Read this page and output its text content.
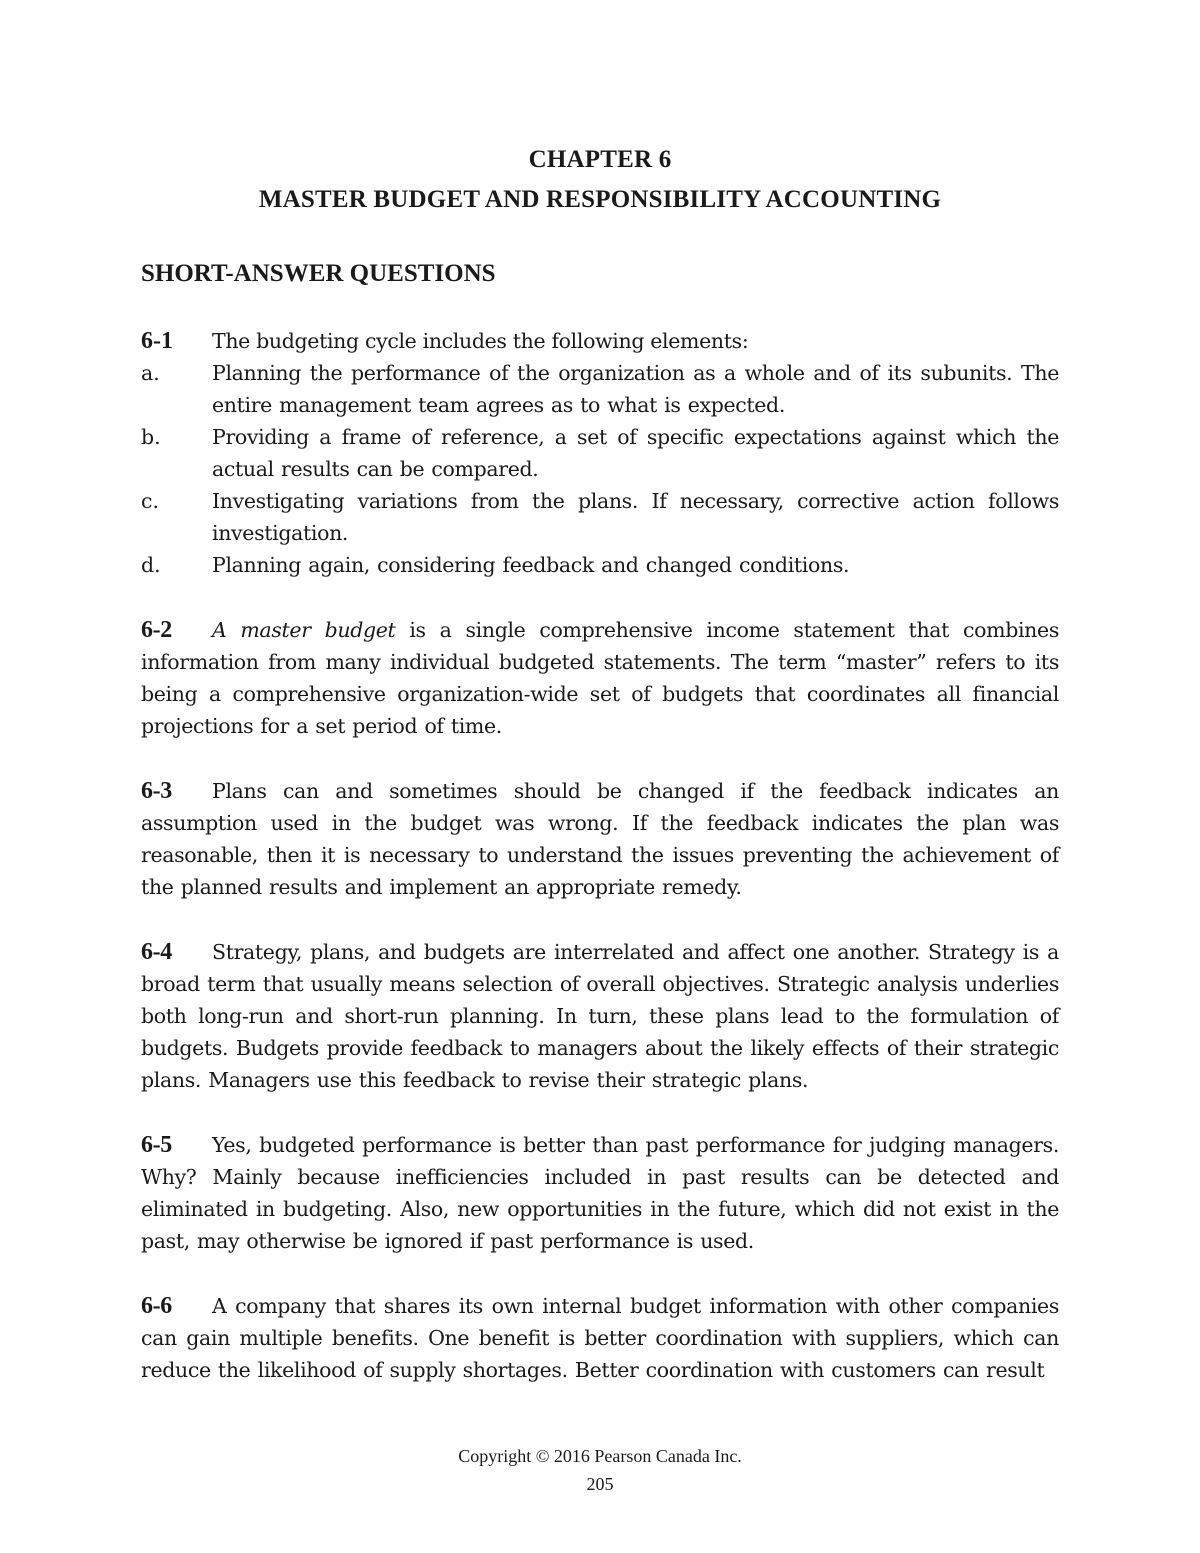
CHAPTER 6
MASTER BUDGET AND RESPONSIBILITY ACCOUNTING
SHORT-ANSWER QUESTIONS
6-1	The budgeting cycle includes the following elements:
a.	Planning the performance of the organization as a whole and of its subunits. The entire management team agrees as to what is expected.
b.	Providing a frame of reference, a set of specific expectations against which the actual results can be compared.
c.	Investigating variations from the plans. If necessary, corrective action follows investigation.
d.	Planning again, considering feedback and changed conditions.

6-2 A master budget is a single comprehensive income statement that combines information from many individual budgeted statements. The term “master” refers to its being a comprehensive organization-wide set of budgets that coordinates all financial projections for a set period of time.

6-3 Plans can and sometimes should be changed if the feedback indicates an assumption used in the budget was wrong. If the feedback indicates the plan was reasonable, then it is necessary to understand the issues preventing the achievement of the planned results and implement an appropriate remedy.

6-4 Strategy, plans, and budgets are interrelated and affect one another. Strategy is a broad term that usually means selection of overall objectives. Strategic analysis underlies both long-run and short-run planning. In turn, these plans lead to the formulation of budgets. Budgets provide feedback to managers about the likely effects of their strategic plans. Managers use this feedback to revise their strategic plans.

6-5 Yes, budgeted performance is better than past performance for judging managers. Why? Mainly because inefficiencies included in past results can be detected and eliminated in budgeting. Also, new opportunities in the future, which did not exist in the past, may otherwise be ignored if past performance is used.

6-6 A company that shares its own internal budget information with other companies can gain multiple benefits. One benefit is better coordination with suppliers, which can reduce the likelihood of supply shortages. Better coordination with customers can result

Copyright © 2016 Pearson Canada Inc.
205
